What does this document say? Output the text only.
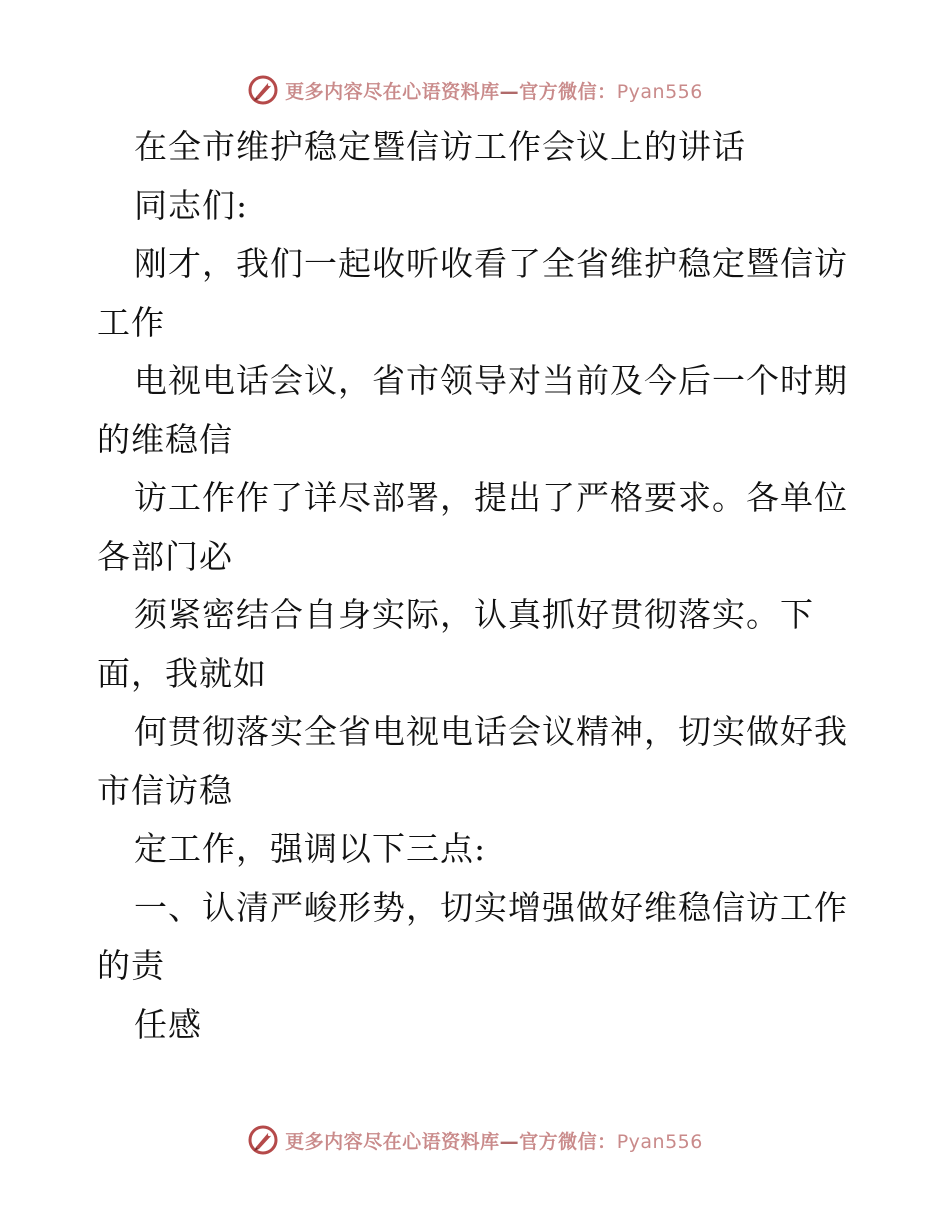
更多内容尽在心语资料库—官方微信：Pyan556
在全市维护稳定暨信访工作会议上的讲话
同志们:
刚才，我们一起收听收看了全省维护稳定暨信访
工作
电视电话会议，省市领导对当前及今后一个时期
的维稳信
访工作作了详尽部署，提出了严格要求。各单位
各部门必
须紧密结合自身实际，认真抓好贯彻落实。下
面，我就如
何贯彻落实全省电视电话会议精神，切实做好我
市信访稳
定工作，强调以下三点:
一、认清严峻形势，切实增强做好维稳信访工作
的责
任感
更多内容尽在心语资料库—官方微信：Pyan556
